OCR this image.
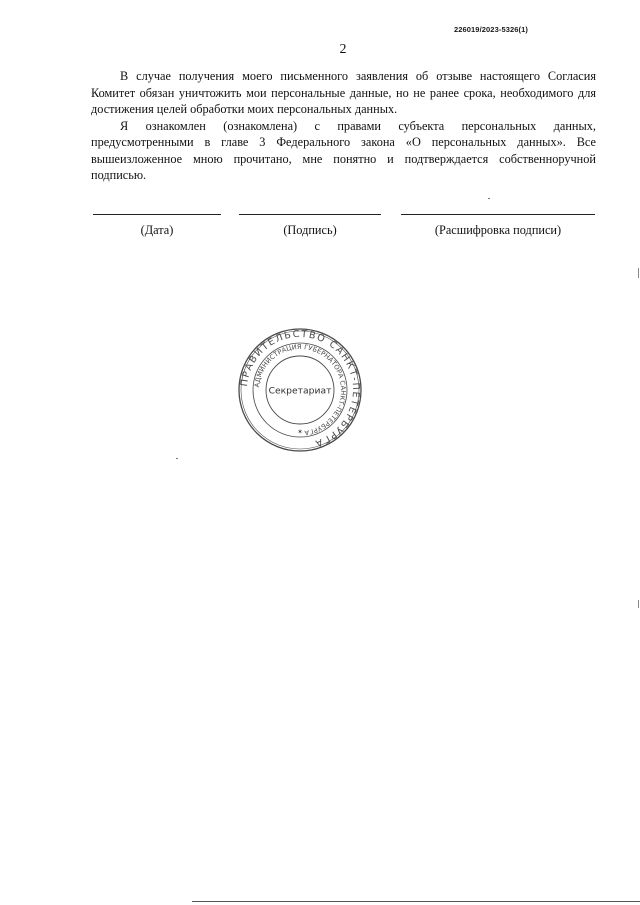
226019/2023-5326(1)
2

В случае получения моего письменного заявления об отзыве настоящего Согласия Комитет обязан уничтожить мои персональные данные, но не ранее срока, необходимого для достижения целей обработки моих персональных данных.

Я ознакомлен (ознакомлена) с правами субъекта персональных данных, предусмотренными в главе 3 Федерального закона «О персональных данных». Все вышеизложенное мною прочитано, мне понятно и подтверждается собственноручной подписью.

(Дата)	(Подпись)	(Расшифровка подписи)
ПРАВИТЕЛЬСТВО САНКТ-ПЕТЕРБУРГА
АДМИНИСТРАЦИЯ ГУБЕРНАТОРА САНКТ-ПЕТЕРБУРГА
Секретариат
✶
